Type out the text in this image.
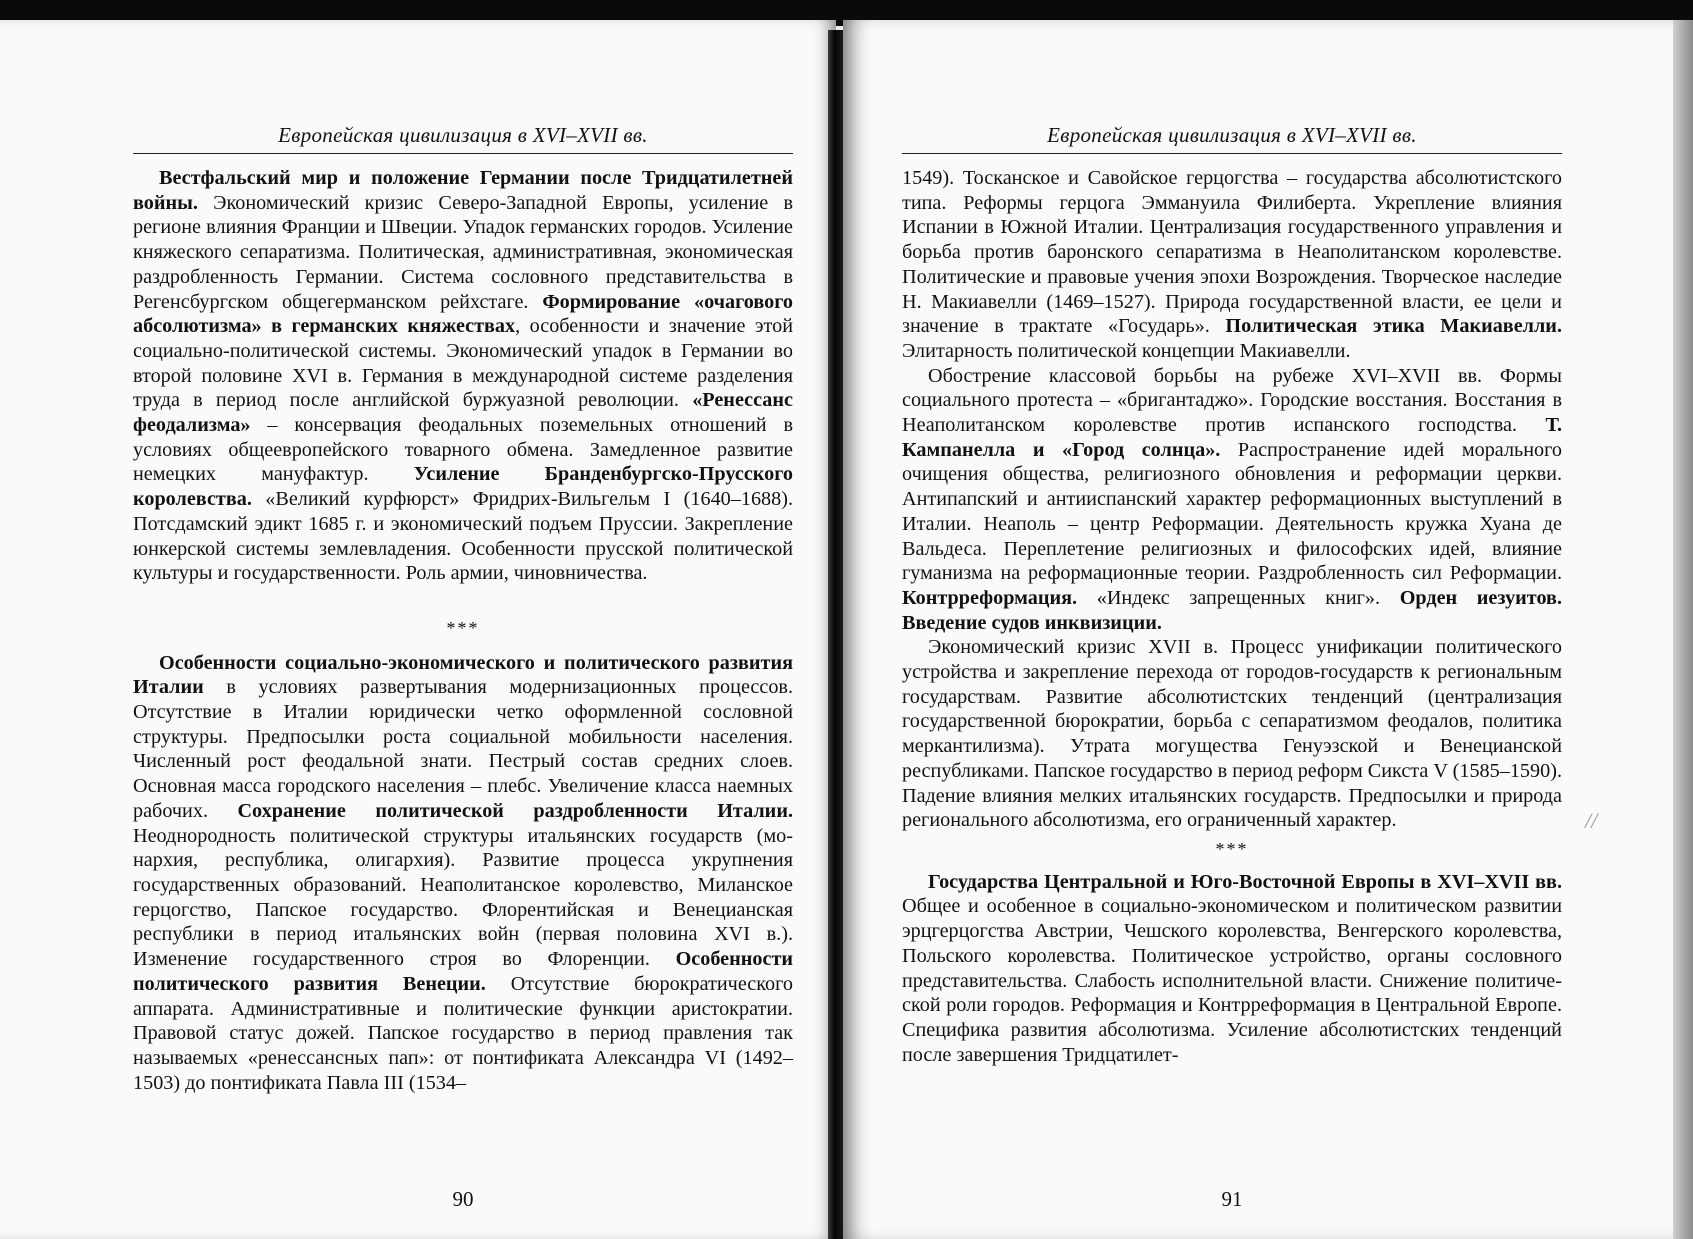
Европейская цивилизация в XVI–XVII вв.

Вестфальский мир и положение Германии после Тридцатилетней войны. Экономический кризис Северо-Западной Европы, усиление в регионе влияния Франции и Швеции. Упадок германских городов. Усиление княжеского сепаратизма. Политическая, административная, экономическая раздробленность Германии. Система сословного представительства в Регенсбургском общегерманском рейхстаге. Формирование «очагового абсолютизма» в германских княжествах, особенности и значение этой социально-политической системы. Экономический упадок в Германии во второй половине XVI в. Германия в международной системе разделения труда в период после английской буржуазной революции. «Ренессанс феодализма» – консервация феодальных поземельных отношений в условиях общеевропейского товарного обмена. Замедленное развитие немецких мануфактур. Усиление Бранденбургско-Прусского королевства. «Великий курфюрст» Фридрих-Вильгельм I (1640–1688). Потсдамский эдикт 1685 г. и экономический подъем Пруссии. Закрепление юнкерской системы землевладения. Особенности прусской политической культуры и государственности. Роль армии, чиновничества.

***

Особенности социально-экономического и политического развития Италии в условиях развертывания модернизационных процессов. Отсутствие в Италии юридически четко оформленной сословной структуры. Предпосылки роста социальной мобильности населения. Численный рост феодальной знати. Пестрый состав средних слоев. Основная масса городского населения – плебс. Увеличение класса наемных рабочих. Сохранение политической раздробленности Италии. Неоднородность политической структуры итальянских государств (монархия, республика, олигархия). Развитие процесса укрупнения государственных образований. Неаполитанское королевство, Миланское герцогство, Папское государство. Флорентийская и Венецианская республики в период итальянских войн (первая половина XVI в.). Изменение государственного строя во Флоренции. Особенности политического развития Венеции. Отсутствие бюрократического аппарата. Административные и политические функции аристократии. Правовой статус дожей. Папское государство в период правления так называемых «ренессансных пап»: от понтификата Александра VI (1492–1503) до понтификата Павла III (1534–

90
Европейская цивилизация в XVI–XVII вв.

1549). Тосканское и Савойское герцогства – государства абсолютистского типа. Реформы герцога Эммануила Филиберта. Укрепление влияния Испании в Южной Италии. Централизация государственного управления и борьба против баронского сепаратизма в Неаполитанском королевстве. Политические и правовые учения эпохи Возрождения. Творческое наследие Н. Макиавелли (1469–1527). Природа государственной власти, ее цели и значение в трактате «Государь». Политическая этика Макиавелли. Элитарность политической концепции Макиавелли.

Обострение классовой борьбы на рубеже XVI–XVII вв. Формы социального протеста – «бригантаджо». Городские восстания. Восстания в Неаполитанском королевстве против испанского господства. Т. Кампанелла и «Город солнца». Распространение идей морального очищения общества, религиозного обновления и реформации церкви. Антипапский и антииспанский характер реформационных выступлений в Италии. Неаполь – центр Реформации. Деятельность кружка Хуана де Вальдеса. Переплетение религиозных и философских идей, влияние гуманизма на реформационные теории. Раздробленность сил Реформации. Контрреформация. «Индекс запрещенных книг». Орден иезуитов. Введение судов инквизиции.

Экономический кризис XVII в. Процесс унификации политического устройства и закрепление перехода от городов-государств к региональным государствам. Развитие абсолютистских тенденций (централизация государственной бюрократии, борьба с сепаратизмом феодалов, политика меркантилизма). Утрата могущества Генуэзской и Венецианской республиками. Папское государство в период реформ Сикста V (1585–1590). Падение влияния мелких итальянских государств. Предпосылки и природа регионального абсолютизма, его ограниченный характер.

***

Государства Центральной и Юго-Восточной Европы в XVI–XVII вв. Общее и особенное в социально-экономическом и политическом развитии эрцгерцогства Австрии, Чешского королевства, Венгерского королевства, Польского королевства. Политическое устройство, органы сословного представительства. Слабость исполнительной власти. Снижение политической роли городов. Реформация и Контрреформация в Центральной Европе. Специфика развития абсолютизма. Усиление абсолютистских тенденций после завершения Тридцатилет-

91
//
